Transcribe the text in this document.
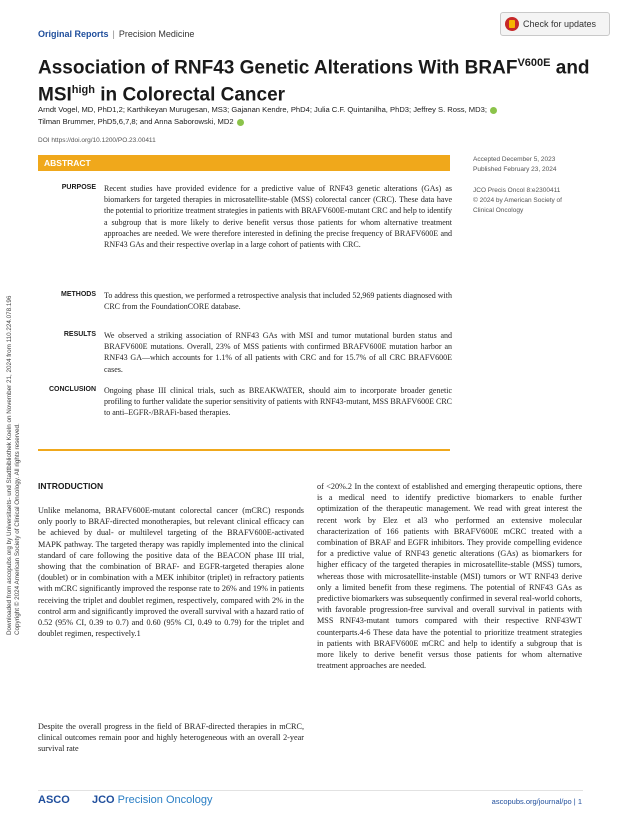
Original Reports | Precision Medicine
Check for updates
Association of RNF43 Genetic Alterations With $BRAF^{V600E}$ and $MSI^{high}$ in Colorectal Cancer
Arndt Vogel, MD, PhD1,2; Karthikeyan Murugesan, MS3; Gajanan Kendre, PhD4; Julia C.F. Quintanilha, PhD3; Jeffrey S. Ross, MD3;
Tilman Brummer, PhD5,6,7,8; and Anna Saborowski, MD2
DOI https://doi.org/10.1200/PO.23.00411
ABSTRACT
PURPOSE Recent studies have provided evidence for a predictive value of RNF43 genetic alterations (GAs) as biomarkers for targeted therapies in microsatellite-stable (MSS) colorectal cancer (CRC). These data have the potential to prioritize treatment strategies in patients with BRAFV600E-mutant CRC and help to identify a subgroup that is more likely to derive benefit versus those patients for whom alternative treatment approaches are needed. We were therefore interested in defining the precise frequency of BRAFV600E and RNF43 GAs and their respective overlap in a large cohort of patients with CRC.
METHODS To address this question, we performed a retrospective analysis that included 52,969 patients diagnosed with CRC from the FoundationCORE database.
RESULTS We observed a striking association of RNF43 GAs with MSI and tumor mutational burden status and BRAFV600E mutations. Overall, 23% of MSS patients with confirmed BRAFV600E mutation harbor an RNF43 GA—which accounts for 1.1% of all patients with CRC and for 15.7% of all CRC BRAFV600E cases.
CONCLUSION Ongoing phase III clinical trials, such as BREAKWATER, should aim to incorporate broader genetic profiling to further validate the superior sensitivity of patients with RNF43-mutant, MSS BRAFV600E CRC to anti–EGFR-/BRAFi-based therapies.
Accepted December 5, 2023
Published February 23, 2024
JCO Precis Oncol 8:e2300411
© 2024 by American Society of
Clinical Oncology
Downloaded from ascopubs.org by Universitaets- und Stadtbibliothek Koeln on November 21, 2024 from 110.224.078.196 Copyright © 2024 American Society of Clinical Oncology. All rights reserved. INTRODUCTION
Unlike melanoma, BRAFV600E-mutant colorectal cancer (mCRC) responds only poorly to BRAF-directed monotherapies, but relevant clinical efficacy can be achieved by dual- or multilevel targeting of the BRAFV600E-activated MAPK pathway. The targeted therapy was rapidly implemented into the clinical standard of care following the positive data of the BEACON phase III trial, showing that the combination of BRAF- and EGFR-targeted therapies alone (doublet) or in combination with a MEK inhibitor (triplet) in refractory patients with mCRC significantly improved the response rate to 26% and 19% in patients receiving the triplet and doublet regimen, respectively, compared with 2% in the control arm and significantly improved the overall survival with a hazard ratio of 0.52 (95% CI, 0.39 to 0.7) and 0.60 (95% CI, 0.49 to 0.79) for the triplet and doublet regimen, respectively.1
Despite the overall progress in the field of BRAF-directed therapies in mCRC, clinical outcomes remain poor and highly heterogeneous with an overall 2-year survival rate
of <20%.2 In the context of established and emerging therapeutic options, there is a medical need to identify predictive biomarkers to enable further optimization of the therapeutic management. We read with great interest the recent work by Elez et al3 who performed an extensive molecular characterization of 166 patients with BRAFV600E mCRC treated with a combination of BRAF and EGFR inhibitors. They provide compelling evidence for a predictive value of RNF43 genetic alterations (GAs) as biomarkers for higher efficacy of the targeted therapies in microsatellite-stable (MSS) tumors, whereas those with microsatellite-instable (MSI) tumors or WT RNF43 derive only a limited benefit from these regimens. The potential of RNF43 GAs as predictive biomarkers was subsequently confirmed in several real-world cohorts, with favorable progression-free survival and overall survival in patients with MSS RNF43-mutant tumors compared with their respective RNF43WT counterparts.4-6 These data have the potential to prioritize treatment strategies in patients with BRAFV600E mCRC and help to identify a subgroup that is more likely to derive benefit versus those patients for whom alternative treatment approaches are needed.
ASCO JCO Precision Oncology	ascopubs.org/journal/po | 1
